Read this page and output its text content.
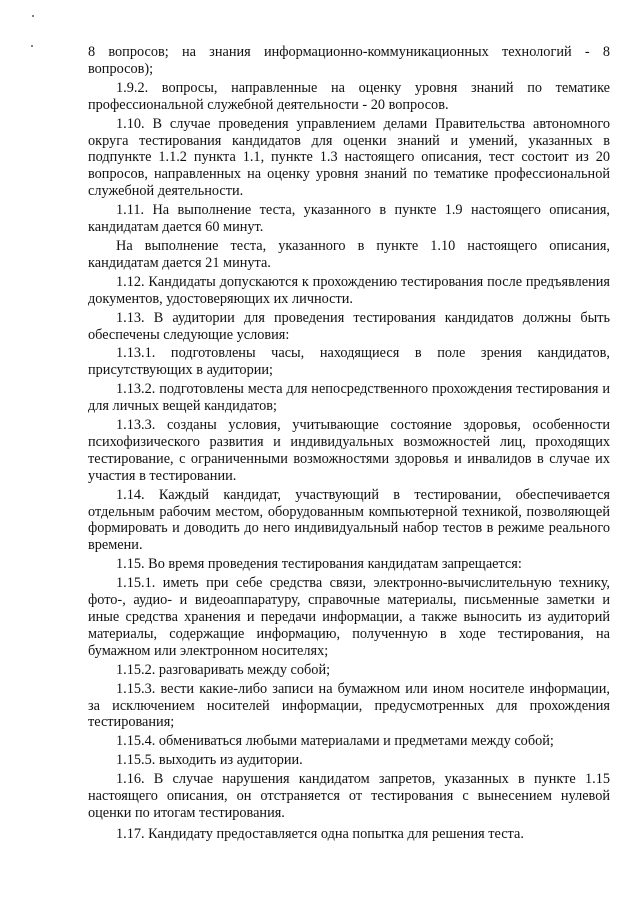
8 вопросов; на знания информационно-коммуникационных технологий - 8 вопросов);

1.9.2. вопросы, направленные на оценку уровня знаний по тематике профессиональной служебной деятельности - 20 вопросов.

1.10. В случае проведения управлением делами Правительства автономного округа тестирования кандидатов для оценки знаний и умений, указанных в подпункте 1.1.2 пункта 1.1, пункте 1.3 настоящего описания, тест состоит из 20 вопросов, направленных на оценку уровня знаний по тематике профессиональной служебной деятельности.

1.11. На выполнение теста, указанного в пункте 1.9 настоящего описания, кандидатам дается 60 минут.

На выполнение теста, указанного в пункте 1.10 настоящего описания, кандидатам дается 21 минута.

1.12. Кандидаты допускаются к прохождению тестирования после предъявления документов, удостоверяющих их личности.

1.13. В аудитории для проведения тестирования кандидатов должны быть обеспечены следующие условия:

1.13.1. подготовлены часы, находящиеся в поле зрения кандидатов, присутствующих в аудитории;

1.13.2. подготовлены места для непосредственного прохождения тестирования и для личных вещей кандидатов;

1.13.3. созданы условия, учитывающие состояние здоровья, особенности психофизического развития и индивидуальных возможностей лиц, проходящих тестирование, с ограниченными возможностями здоровья и инвалидов в случае их участия в тестировании.

1.14. Каждый кандидат, участвующий в тестировании, обеспечивается отдельным рабочим местом, оборудованным компьютерной техникой, позволяющей формировать и доводить до него индивидуальный набор тестов в режиме реального времени.

1.15. Во время проведения тестирования кандидатам запрещается:

1.15.1. иметь при себе средства связи, электронно-вычислительную технику, фото-, аудио- и видеоаппаратуру, справочные материалы, письменные заметки и иные средства хранения и передачи информации, а также выносить из аудиторий материалы, содержащие информацию, полученную в ходе тестирования, на бумажном или электронном носителях;

1.15.2. разговаривать между собой;

1.15.3. вести какие-либо записи на бумажном или ином носителе информации, за исключением носителей информации, предусмотренных для прохождения тестирования;

1.15.4. обмениваться любыми материалами и предметами между собой;

1.15.5. выходить из аудитории.

1.16. В случае нарушения кандидатом запретов, указанных в пункте 1.15 настоящего описания, он отстраняется от тестирования с вынесением нулевой оценки по итогам тестирования.

1.17. Кандидату предоставляется одна попытка для решения теста.
